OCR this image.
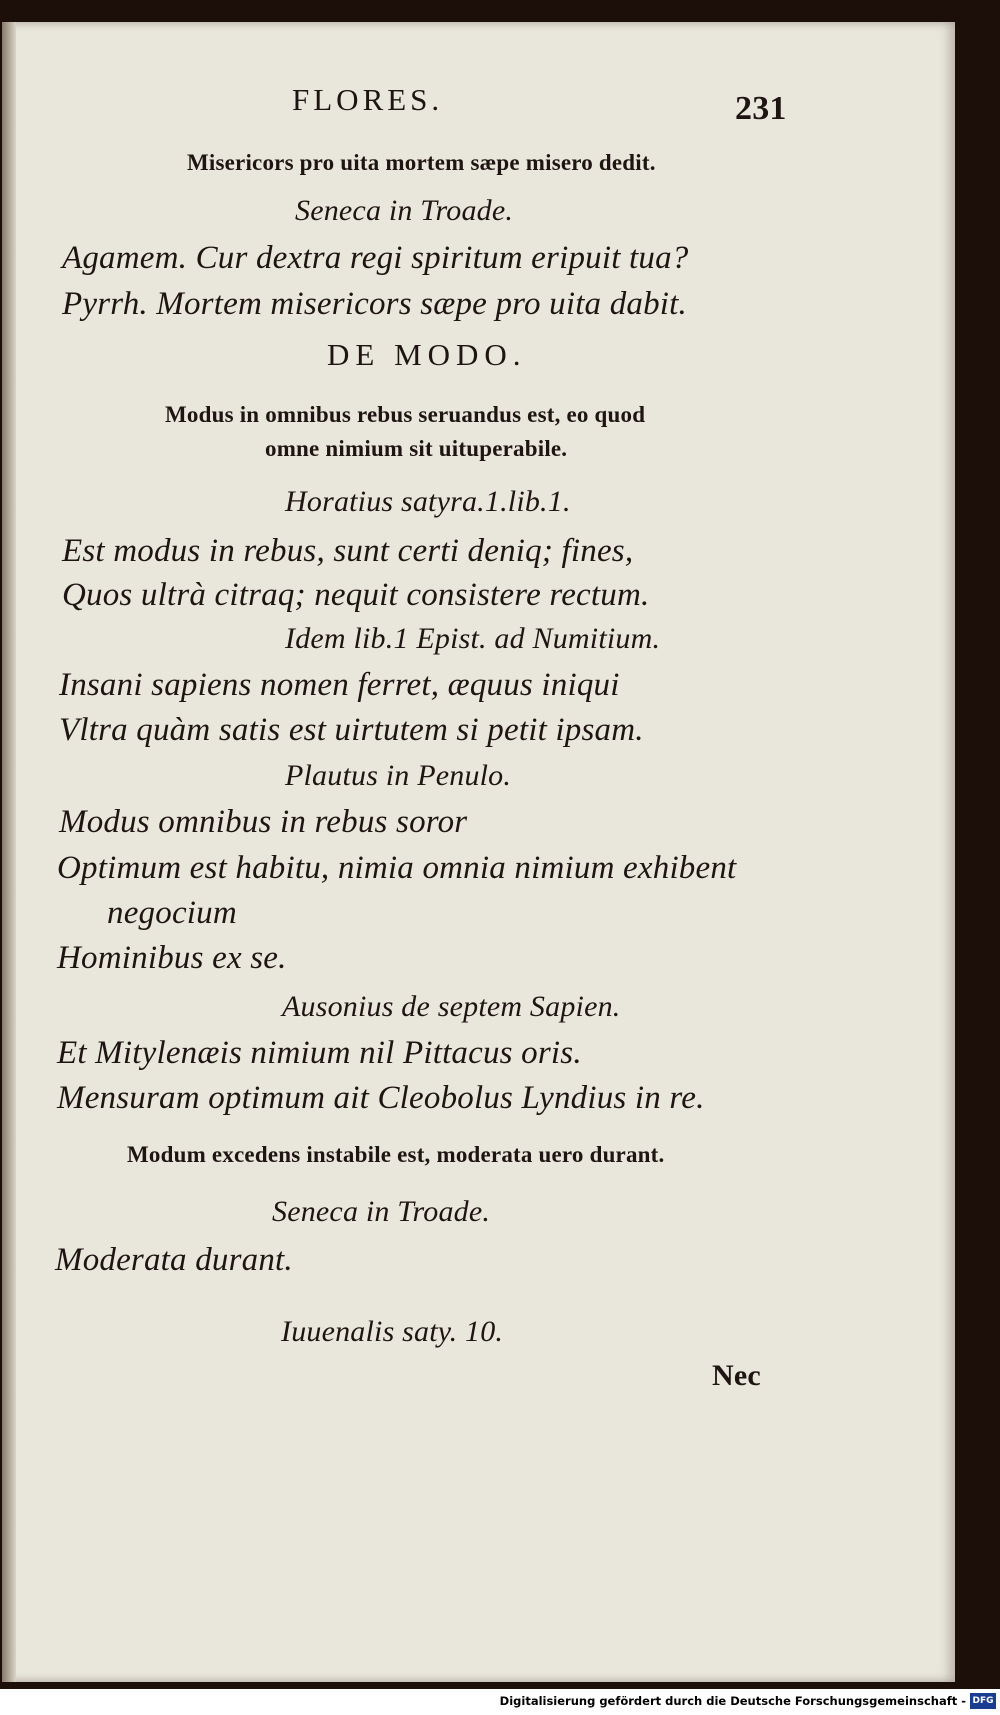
FLORES.	231
Misericors pro uita mortem sæpe misero dedit.
Seneca in Troade.
Agamem. Cur dextra regi spiritum eripuit tua?
Pyrrh. Mortem misericors sæpe pro uita dabit.
DE MODO.
Modus in omnibus rebus seruandus est, eo quod
omne nimium sit uituperabile.
Horatius satyra.1.lib.1.
Est modus in rebus, sunt certi deniq; fines,
Quos ultrà citraq; nequit consistere rectum.
Idem lib.1 Epist. ad Numitium.
Insani sapiens nomen ferret, æquus iniqui
Vltra quàm satis est uirtutem si petit ipsam.
Plautus in Penulo.
Modus omnibus in rebus soror
Optimum est habitu, nimia omnia nimium exhibent
negocium
Hominibus ex se.
Ausonius de septem Sapien.
Et Mitylenæis nimium nil Pittacus oris.
Mensuram optimum ait Cleobolus Lyndius in re.
Modum excedens instabile est, moderata uero durant.
Seneca in Troade.
Moderata durant.
Iuuenalis saty. 10.
Nec
Digitalisierung gefördert durch die Deutsche Forschungsgemeinschaft - DFG
